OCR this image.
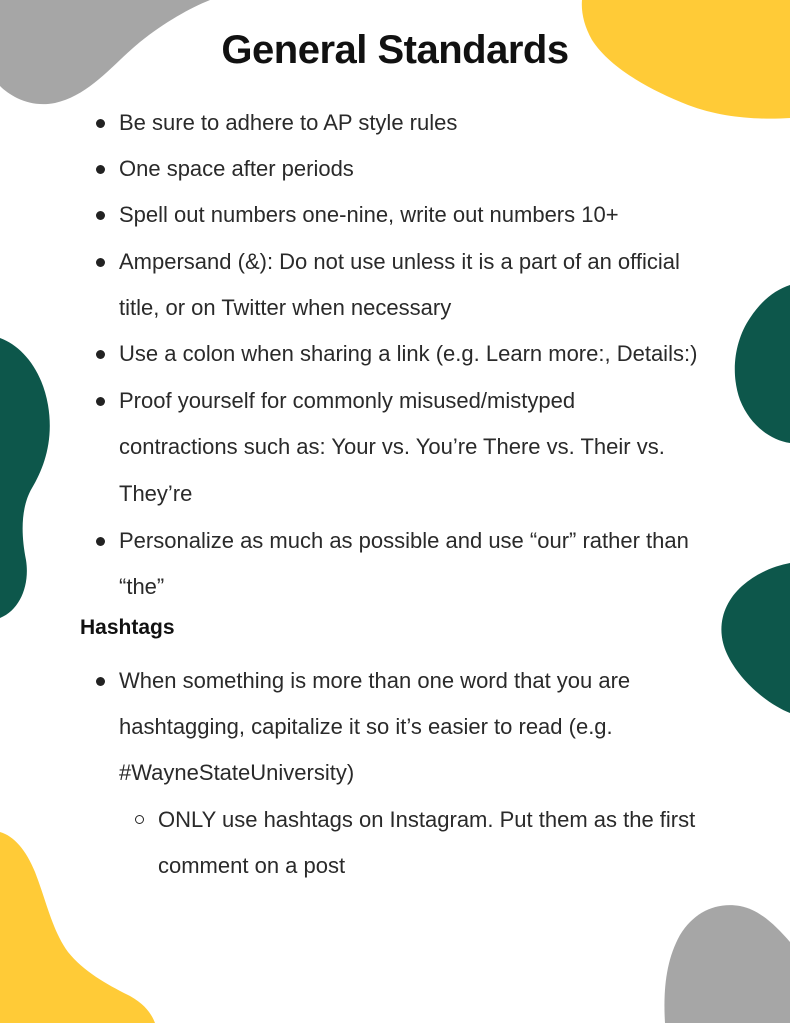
General Standards
Be sure to adhere to AP style rules
One space after periods
Spell out numbers one-nine, write out numbers 10+
Ampersand (&): Do not use unless it is a part of an official
title, or on Twitter when necessary
Use a colon when sharing a link (e.g. Learn more:, Details:)
Proof yourself for commonly misused/mistyped
contractions such as: Your vs. You’re There vs. Their vs.
They’re
Personalize as much as possible and use “our” rather than
“the”
Hashtags
When something is more than one word that you are
hashtagging, capitalize it so it’s easier to read (e.g.
#WayneStateUniversity)
ONLY use hashtags on Instagram. Put them as the first
comment on a post
